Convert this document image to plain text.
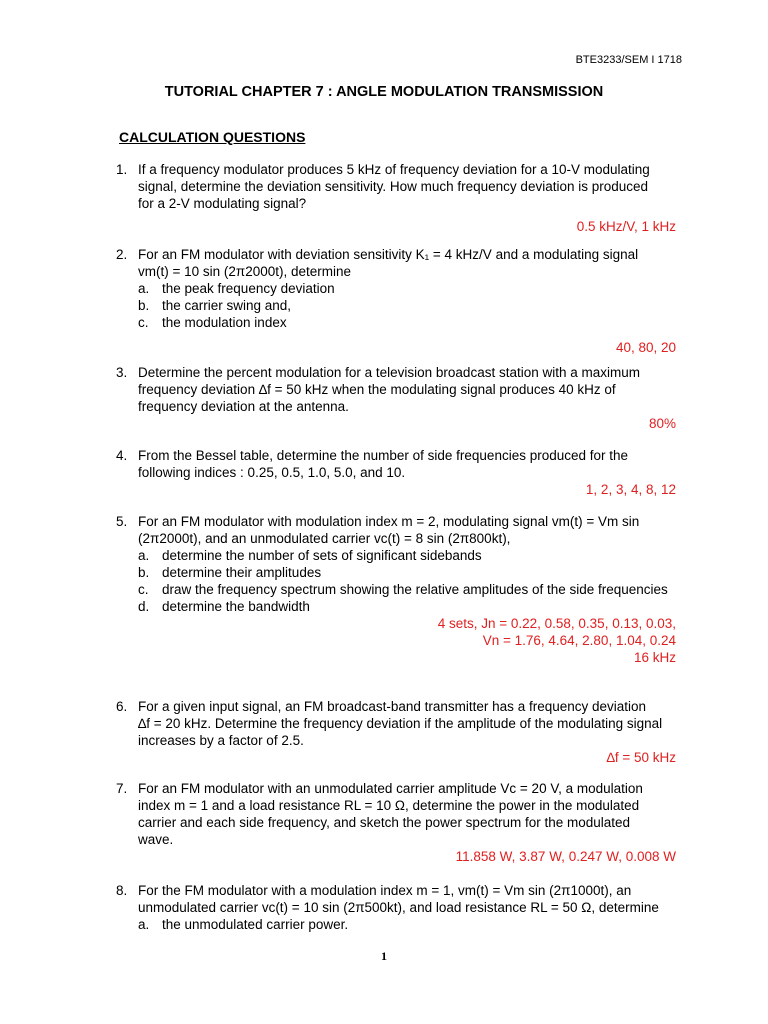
BTE3233/SEM I 1718
TUTORIAL CHAPTER 7 : ANGLE MODULATION TRANSMISSION
CALCULATION QUESTIONS
1. If a frequency modulator produces 5 kHz of frequency deviation for a 10-V modulating
signal, determine the deviation sensitivity. How much frequency deviation is produced
for a 2-V modulating signal?
0.5 kHz/V, 1 kHz
2. For an FM modulator with deviation sensitivity K₁ = 4 kHz/V and a modulating signal
vm(t) = 10 sin (2π2000t), determine
a. the peak frequency deviation
b. the carrier swing and,
c. the modulation index
40, 80, 20
3. Determine the percent modulation for a television broadcast station with a maximum
frequency deviation ∆f = 50 kHz when the modulating signal produces 40 kHz of
frequency deviation at the antenna.
80%
4. From the Bessel table, determine the number of side frequencies produced for the
following indices : 0.25, 0.5, 1.0, 5.0, and 10.
1, 2, 3, 4, 8, 12
5. For an FM modulator with modulation index m = 2, modulating signal vm(t) = Vm sin
(2π2000t), and an unmodulated carrier vc(t) = 8 sin (2π800kt),
a. determine the number of sets of significant sidebands
b. determine their amplitudes
c. draw the frequency spectrum showing the relative amplitudes of the side frequencies
d. determine the bandwidth
4 sets, Jn = 0.22, 0.58, 0.35, 0.13, 0.03,
Vn = 1.76, 4.64, 2.80, 1.04, 0.24
16 kHz
6. For a given input signal, an FM broadcast-band transmitter has a frequency deviation
∆f = 20 kHz. Determine the frequency deviation if the amplitude of the modulating signal
increases by a factor of 2.5.
∆f = 50 kHz
7. For an FM modulator with an unmodulated carrier amplitude Vc = 20 V, a modulation
index m = 1 and a load resistance RL = 10 Ω, determine the power in the modulated
carrier and each side frequency, and sketch the power spectrum for the modulated
wave.
11.858 W, 3.87 W, 0.247 W, 0.008 W
8. For the FM modulator with a modulation index m = 1, vm(t) = Vm sin (2π1000t), an
unmodulated carrier vc(t) = 10 sin (2π500kt), and load resistance RL = 50 Ω, determine
a. the unmodulated carrier power.
1
